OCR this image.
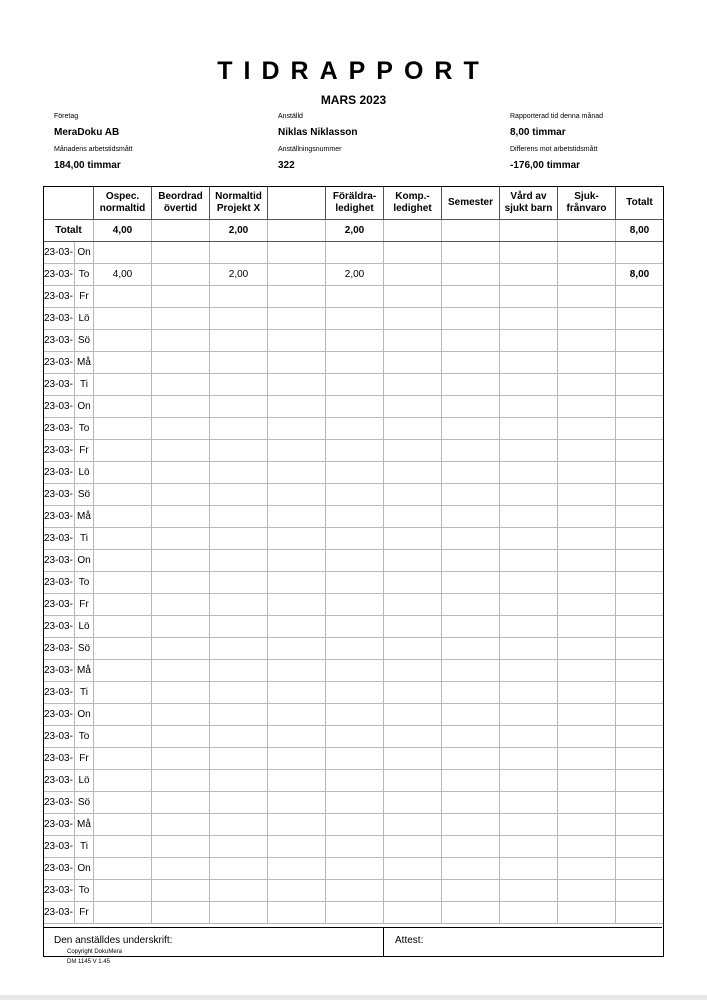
TIDRAPPORT
MARS 2023
Företag
MeraDoku AB
Månadens arbetstidsmått
184,00 timmar
Anställd
Niklas Niklasson
Anställningsnummer
322
Rapporterad tid denna månad
8,00 timmar
Differens mot arbetstidsmått
-176,00 timmar
		Ospec. normaltid	Beordrad övertid	Normaltid Projekt X		Föräldra-ledighet	Komp.-ledighet	Semester	Vård av sjukt barn	Sjuk-frånvaro	Totalt
Totalt		4,00		2,00		2,00					8,00
23-03-	On										
23-03-	To	4,00		2,00		2,00					8,00
23-03-	Fr										
23-03-	Lö										
23-03-	Sö										
23-03-	Må										
23-03-	Ti										
23-03-	On										
23-03-	To										
23-03-	Fr										
23-03-	Lö										
23-03-	Sö										
23-03-	Må										
23-03-	Ti										
23-03-	On										
23-03-	To										
23-03-	Fr										
23-03-	Lö										
23-03-	Sö										
23-03-	Må										
23-03-	Ti										
23-03-	On										
23-03-	To										
23-03-	Fr										
23-03-	Lö										
23-03-	Sö										
23-03-	Må										
23-03-	Ti										
23-03-	On										
23-03-	To										
23-03-	Fr										
Den anställdes underskrift:	Attest:
Copyright DokuMera
DM 1145 V 1.45
